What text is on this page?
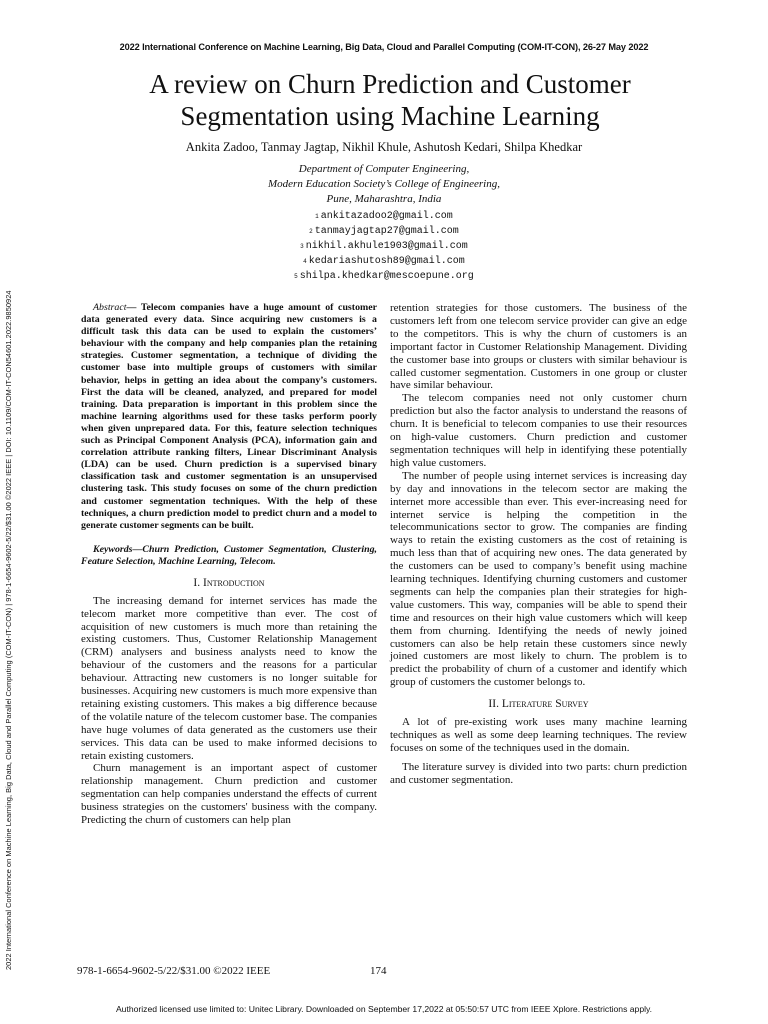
2022 International Conference on Machine Learning, Big Data, Cloud and Parallel Computing (COM-IT-CON), 26-27 May 2022
2022 International Conference on Machine Learning, Big Data, Cloud and Parallel Computing (COM-IT-CON) | 978-1-6654-9602-5/22/$31.00 ©2022 IEEE | DOI: 10.1109/COM-IT-CON54601.2022.9850924
A review on Churn Prediction and Customer Segmentation using Machine Learning
Ankita Zadoo, Tanmay Jagtap, Nikhil Khule, Ashutosh Kedari, Shilpa Khedkar
Department of Computer Engineering,
Modern Education Society’s College of Engineering,
Pune, Maharashtra, India
$^1$ ankitazadoo2@gmail.com
$^2$ tanmayjagtap27@gmail.com
$^3$ nikhil.akhule1903@gmail.com
$^4$ kedariashutosh89@gmail.com
$^5$ shilpa.khedkar@mescoepune.org

Abstract— Telecom companies have a huge amount of customer data generated every data. Since acquiring new customers is a difficult task this data can be used to explain the customers’ behaviour with the company and help companies plan the retaining strategies. Customer segmentation, a technique of dividing the customer base into multiple groups of customers with similar behavior, helps in getting an idea about the company’s customers. First the data will be cleaned, analyzed, and prepared for model training. Data preparation is important in this problem since the machine learning algorithms used for these tasks perform poorly when given unprepared data. For this, feature selection techniques such as Principal Component Analysis (PCA), information gain and correlation attribute ranking filters, Linear Discriminant Analysis (LDA) can be used. Churn prediction is a supervised binary classification task and customer segmentation is an unsupervised clustering task. This study focuses on some of the churn prediction and customer segmentation techniques. With the help of these techniques, a churn prediction model to predict churn and a model to generate customer segments can be built.

Keywords—Churn Prediction, Customer Segmentation, Clustering, Feature Selection, Machine Learning, Telecom.

I. Introduction

The increasing demand for internet services has made the telecom market more competitive than ever. The cost of acquisition of new customers is much more than retaining the existing customers. Thus, Customer Relationship Management (CRM) analysers and business analysts need to know the behaviour of the customers and the reasons for a particular behaviour. Attracting new customers is no longer suitable for businesses. Acquiring new customers is much more expensive than retaining existing customers. This makes a big difference because of the volatile nature of the telecom customer base. The companies have huge volumes of data generated as the customers use their services. This data can be used to make informed decisions to retain existing customers.

Churn management is an important aspect of customer relationship management. Churn prediction and customer segmentation can help companies understand the effects of current business strategies on the customers' business with the company. Predicting the churn of customers can help plan

retention strategies for those customers. The business of the customers left from one telecom service provider can give an edge to the competitors. This is why the churn of customers is an important factor in Customer Relationship Management. Dividing the customer base into groups or clusters with similar behaviour is called customer segmentation. Customers in one group or cluster have similar behaviour.

The telecom companies need not only customer churn prediction but also the factor analysis to understand the reasons of churn. It is beneficial to telecom companies to use their resources on high-value customers. Churn prediction and customer segmentation techniques will help in identifying these potentially high value customers.

The number of people using internet services is increasing day by day and innovations in the telecom sector are making the internet more accessible than ever. This ever-increasing need for internet service is helping the competition in the telecommunications sector to grow. The companies are finding ways to retain the existing customers as the cost of retaining is much less than that of acquiring new ones. The data generated by the customers can be used to company’s benefit using machine learning techniques. Identifying churning customers and customer segments can help the companies plan their strategies for high-value customers. This way, companies will be able to spend their time and resources on their high value customers which will keep them from churning. Identifying the needs of newly joined customers can also be help retain these customers since newly joined customers are most likely to churn. The problem is to predict the probability of churn of a customer and identify which group of customers the customer belongs to.

II. Literature Survey

A lot of pre-existing work uses many machine learning techniques as well as some deep learning techniques. The review focuses on some of the techniques used in the domain.

The literature survey is divided into two parts: churn prediction and customer segmentation.

978-1-6654-9602-5/22/$31.00 ©2022 IEEE	174
Authorized licensed use limited to: Unitec Library. Downloaded on September 17,2022 at 05:50:57 UTC from IEEE Xplore. Restrictions apply.
